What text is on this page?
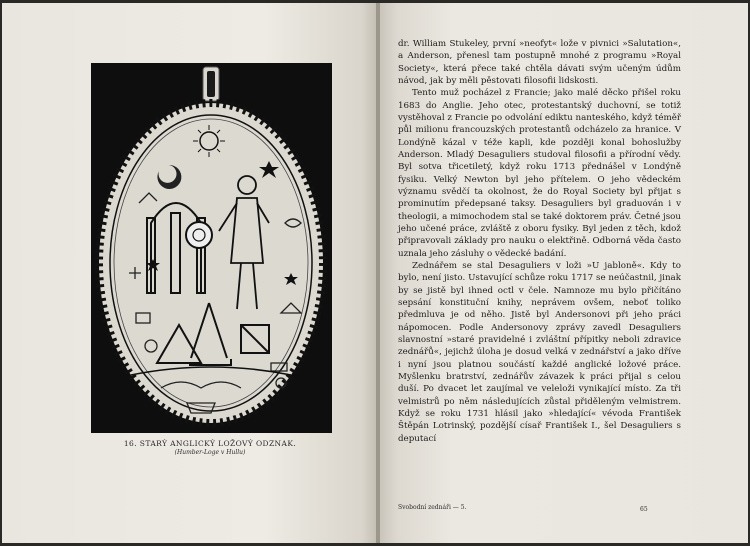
16. STARÝ ANGLICKÝ LOŽOVÝ ODZNAK.
(Humber-Loge v Hullu)

dr. William Stukeley, první »neofyt« lože v pivnici »Salutation«, a Anderson, přenesl tam postupně mnohé z programu »Royal Society«, která přece také chtěla dávati svým učeným údům návod, jak by měli pěstovati filosofii lidskosti.

Tento muž pocházel z Francie; jako malé děcko přišel roku 1683 do Anglie. Jeho otec, protestantský duchovní, se totiž vystěhoval z Francie po odvolání ediktu nanteského, když téměř půl milionu francouzských protestantů odcházelo za hranice. V Londýně kázal v téže kapli, kde později konal bohoslužby Anderson. Mladý Desaguliers studoval filosofii a přírodní vědy. Byl sotva třicetiletý, když roku 1713 přednášel v Londýně fysiku. Velký Newton byl jeho přítelem. O jeho vědeckém významu svědčí ta okolnost, že do Royal Society byl přijat s prominutím předepsané taksy. Desaguliers byl graduován i v theologii, a mimochodem stal se také doktorem práv. Četné jsou jeho učené práce, zvláště z oboru fysiky. Byl jeden z těch, kdož připravovali základy pro nauku o elektřině. Odborná věda často uznala jeho zásluhy o vědecké badání.

Zednářem se stal Desaguliers v loži »U jabloně«. Kdy to bylo, není jisto. Ustavující schůze roku 1717 se neúčastnil, jinak by se jistě byl ihned octl v čele. Namnoze mu bylo přičítáno sepsání konstituční knihy, neprávem ovšem, neboť toliko předmluva je od něho. Jistě byl Andersonovi při jeho práci nápomocen. Podle Andersonovy zprávy zavedl Desaguliers slavnostní »staré pravidelné i zvláštní přípitky neboli zdravice zednářů«, jejichž úloha je dosud velká v zednářství a jako dříve i nyní jsou platnou součástí každé anglické ložové práce. Myšlenku bratrství, zednářův závazek k práci přijal s celou duší. Po dvacet let zaujímal ve veleloži vynikající místo. Za tři velmistrů po něm následujících zůstal přiděleným velmistrem. Když se roku 1731 hlásil jako »hledající« vévoda František Štěpán Lotrinský, pozdější císař František I., šel Desaguliers s deputací

Svobodní zednáři — 5.	65
